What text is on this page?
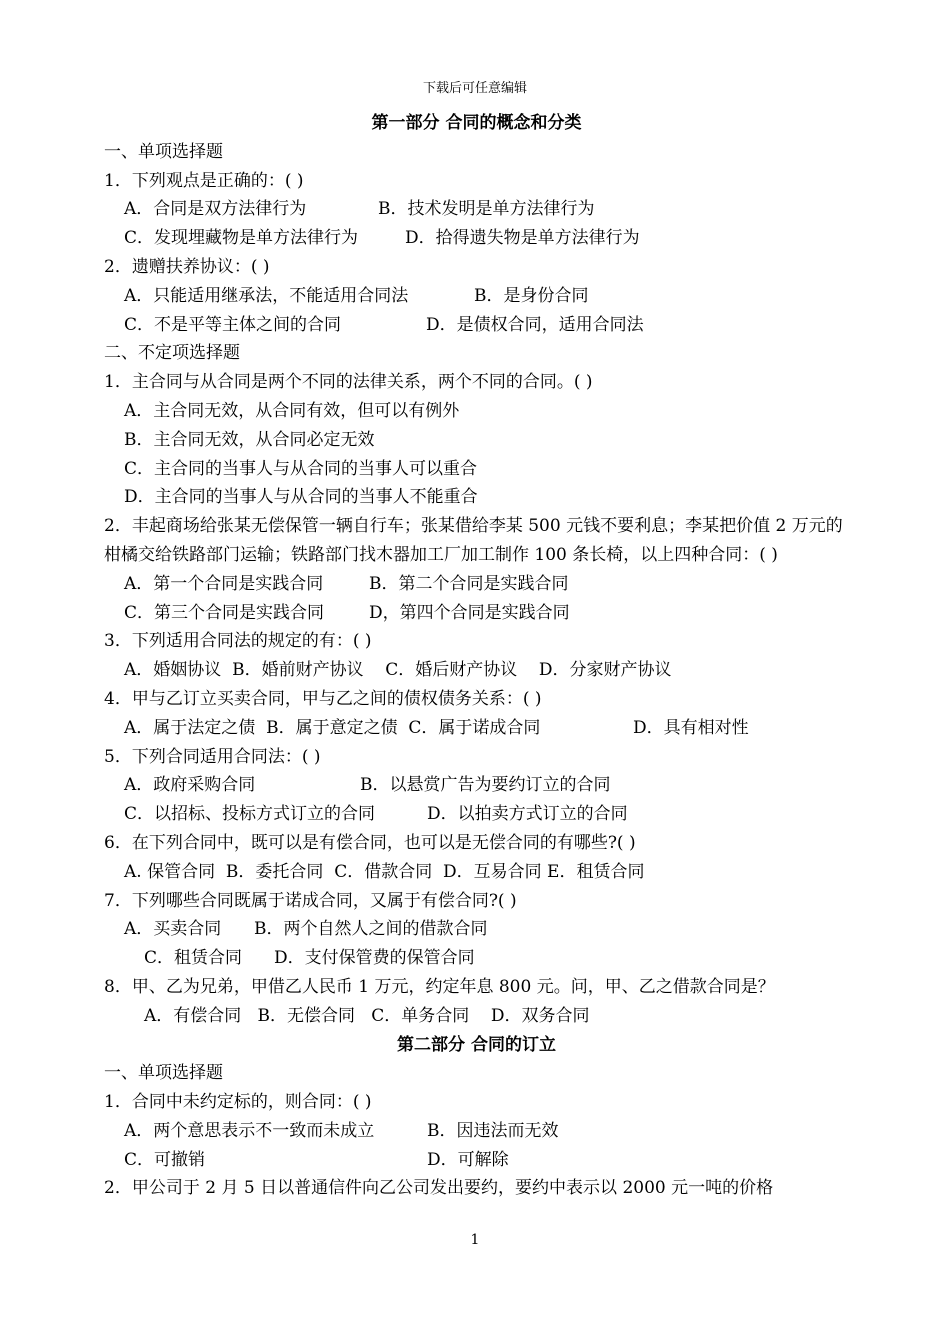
下载后可任意编辑
第一部分 合同的概念和分类
一、单项选择题
1．下列观点是正确的：( )
A．合同是双方法律行为	B．技术发明是单方法律行为
C．发现埋藏物是单方法律行为	D．拾得遗失物是单方法律行为
2．遗赠扶养协议：( )
A．只能适用继承法，不能适用合同法	B．是身份合同
C．不是平等主体之间的合同	D．是债权合同，适用合同法
二、不定项选择题
1．主合同与从合同是两个不同的法律关系，两个不同的合同。( )
A．主合同无效，从合同有效，但可以有例外
B．主合同无效，从合同必定无效
C．主合同的当事人与从合同的当事人可以重合
D．主合同的当事人与从合同的当事人不能重合
2．丰起商场给张某无偿保管一辆自行车；张某借给李某 500 元钱不要利息；李某把价值 2 万元的柑橘交给铁路部门运输；铁路部门找木器加工厂加工制作 100 条长椅，以上四种合同：( )
A．第一个合同是实践合同	B．第二个合同是实践合同
C．第三个合同是实践合同	D，第四个合同是实践合同
3．下列适用合同法的规定的有：( )
A．婚姻协议  B．婚前财产协议    C．婚后财产协议    D．分家财产协议
4．甲与乙订立买卖合同，甲与乙之间的债权债务关系：( )
A．属于法定之债  B．属于意定之债  C．属于诺成合同	D．具有相对性
5．下列合同适用合同法：( )
A．政府采购合同	B．以悬赏广告为要约订立的合同
C．以招标、投标方式订立的合同	D．以拍卖方式订立的合同
6．在下列合同中，既可以是有偿合同，也可以是无偿合同的有哪些?( )
A. 保管合同  B．委托合同  C．借款合同  D．互易合同 E．租赁合同
7．下列哪些合同既属于诺成合同，又属于有偿合同?( )
A．买卖合同 B．两个自然人之间的借款合同
C．租赁合同 D．支付保管费的保管合同
8．甲、乙为兄弟，甲借乙人民币 1 万元，约定年息 800 元。问，甲、乙之借款合同是？
A．有偿合同   B．无偿合同   C．单务合同    D．双务合同
第二部分 合同的订立
一、单项选择题
1．合同中未约定标的，则合同：( )
A．两个意思表示不一致而未成立	B．因违法而无效
C．可撤销	D．可解除
2．甲公司于 2 月 5 日以普通信件向乙公司发出要约，要约中表示以 2000 元一吨的价格
1
